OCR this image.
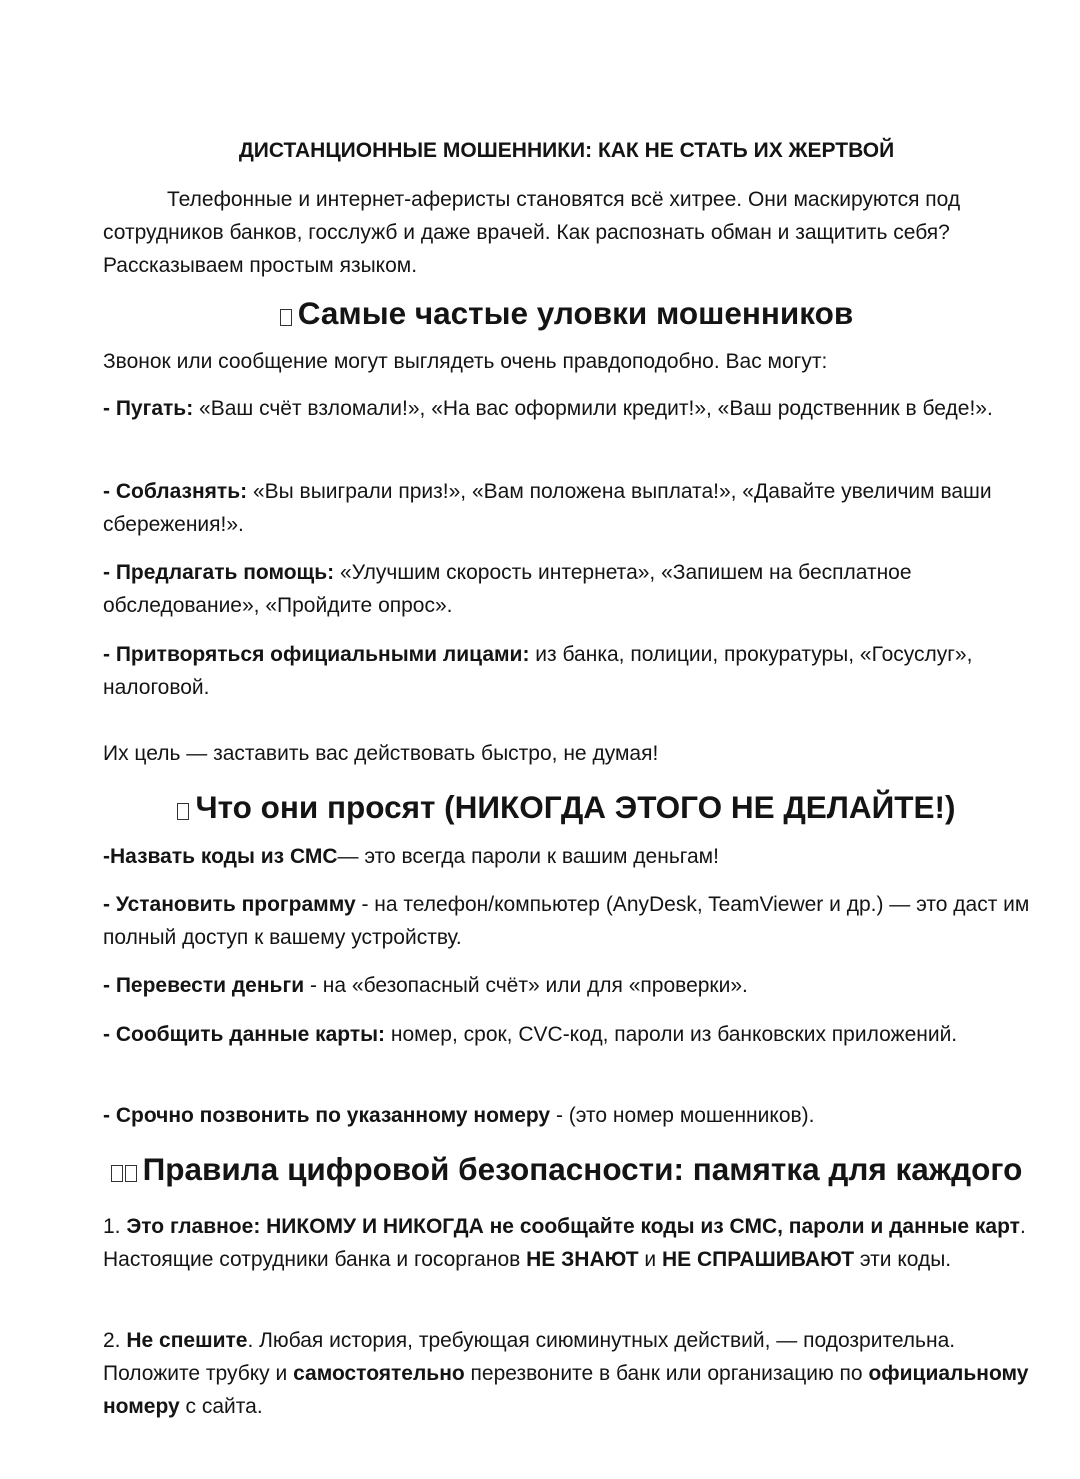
ДИСТАНЦИОННЫЕ МОШЕННИКИ: КАК НЕ СТАТЬ ИХ ЖЕРТВОЙ

Телефонные и интернет-аферисты становятся всё хитрее. Они маскируются под сотрудников банков, госслужб и даже врачей. Как распознать обман и защитить себя? Рассказываем простым языком.

Самые частые уловки мошенников

Звонок или сообщение могут выглядеть очень правдоподобно. Вас могут:

- Пугать: «Ваш счёт взломали!», «На вас оформили кредит!», «Ваш родственник в беде!».

- Соблазнять: «Вы выиграли приз!», «Вам положена выплата!», «Давайте увеличим ваши сбережения!».

- Предлагать помощь: «Улучшим скорость интернета», «Запишем на бесплатное обследование», «Пройдите опрос».

- Притворяться официальными лицами: из банка, полиции, прокуратуры, «Госуслуг», налоговой.

Их цель — заставить вас действовать быстро, не думая!

Что они просят (НИКОГДА ЭТОГО НЕ ДЕЛАЙТЕ!)

-Назвать коды из СМС— это всегда пароли к вашим деньгам!

- Установить программу - на телефон/компьютер (AnyDesk, TeamViewer и др.) — это даст им полный доступ к вашему устройству.

- Перевести деньги - на «безопасный счёт» или для «проверки».

- Сообщить данные карты: номер, срок, CVC-код, пароли из банковских приложений.

- Срочно позвонить по указанному номеру - (это номер мошенников).

Правила цифровой безопасности: памятка для каждого

1. Это главное: НИКОМУ И НИКОГДА не сообщайте коды из СМС, пароли и данные карт. Настоящие сотрудники банка и госорганов НЕ ЗНАЮТ и НЕ СПРАШИВАЮТ эти коды.

2. Не спешите. Любая история, требующая сиюминутных действий, — подозрительна. Положите трубку и самостоятельно перезвоните в банк или организацию по официальному номеру с сайта.
